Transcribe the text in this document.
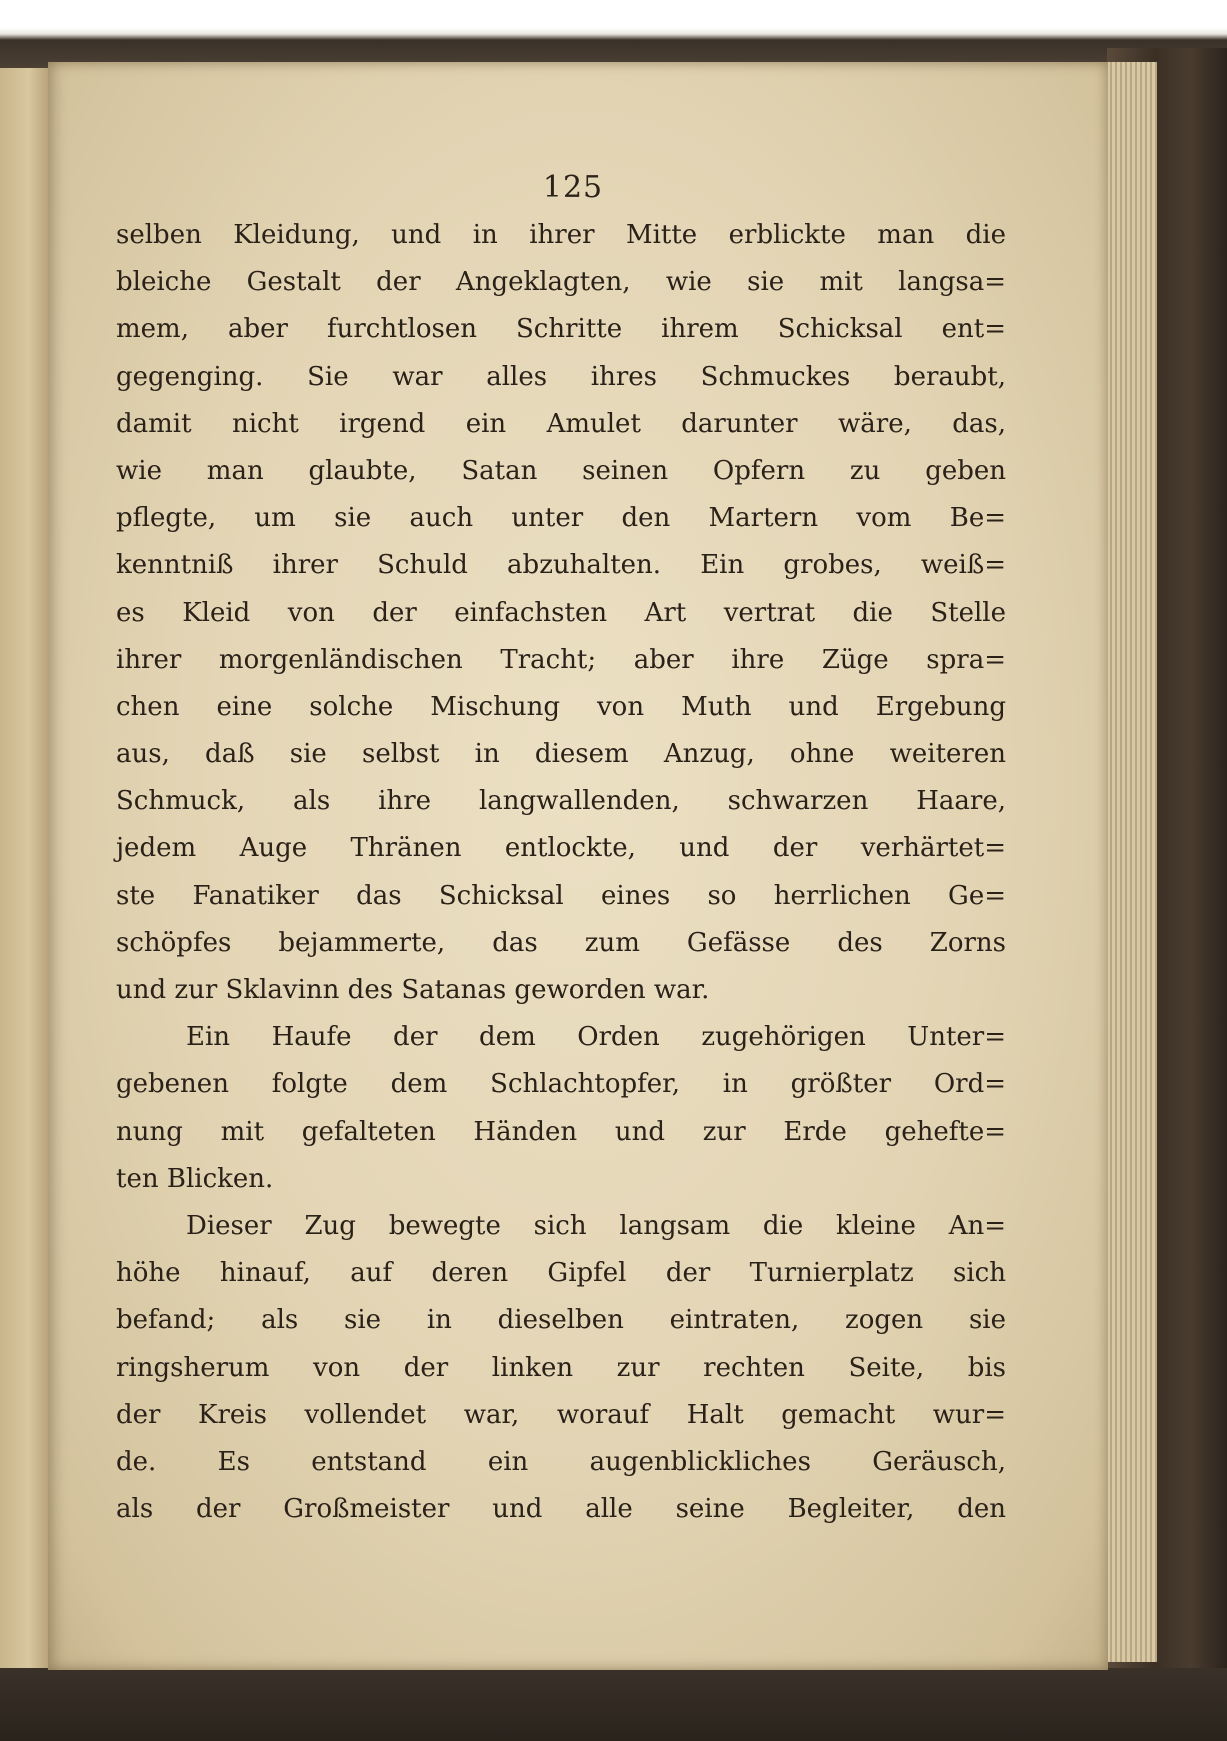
125
selben Kleidung, und in ihrer Mitte erblickte man die
bleiche Gestalt der Angeklagten, wie sie mit langsa=
mem, aber furchtlosen Schritte ihrem Schicksal ent=
gegenging. Sie war alles ihres Schmuckes beraubt,
damit nicht irgend ein Amulet darunter wäre, das,
wie man glaubte, Satan seinen Opfern zu geben
pflegte, um sie auch unter den Martern vom Be=
kenntniß ihrer Schuld abzuhalten. Ein grobes, weiß=
es Kleid von der einfachsten Art vertrat die Stelle
ihrer morgenländischen Tracht; aber ihre Züge spra=
chen eine solche Mischung von Muth und Ergebung
aus, daß sie selbst in diesem Anzug, ohne weiteren
Schmuck, als ihre langwallenden, schwarzen Haare,
jedem Auge Thränen entlockte, und der verhärtet=
ste Fanatiker das Schicksal eines so herrlichen Ge=
schöpfes bejammerte, das zum Gefässe des Zorns
und zur Sklavinn des Satanas geworden war.
Ein Haufe der dem Orden zugehörigen Unter=
gebenen folgte dem Schlachtopfer, in größter Ord=
nung mit gefalteten Händen und zur Erde gehefte=
ten Blicken.
Dieser Zug bewegte sich langsam die kleine An=
höhe hinauf, auf deren Gipfel der Turnierplatz sich
befand; als sie in dieselben eintraten, zogen sie
ringsherum von der linken zur rechten Seite, bis
der Kreis vollendet war, worauf Halt gemacht wur=
de. Es entstand ein augenblickliches Geräusch,
als der Großmeister und alle seine Begleiter, den
